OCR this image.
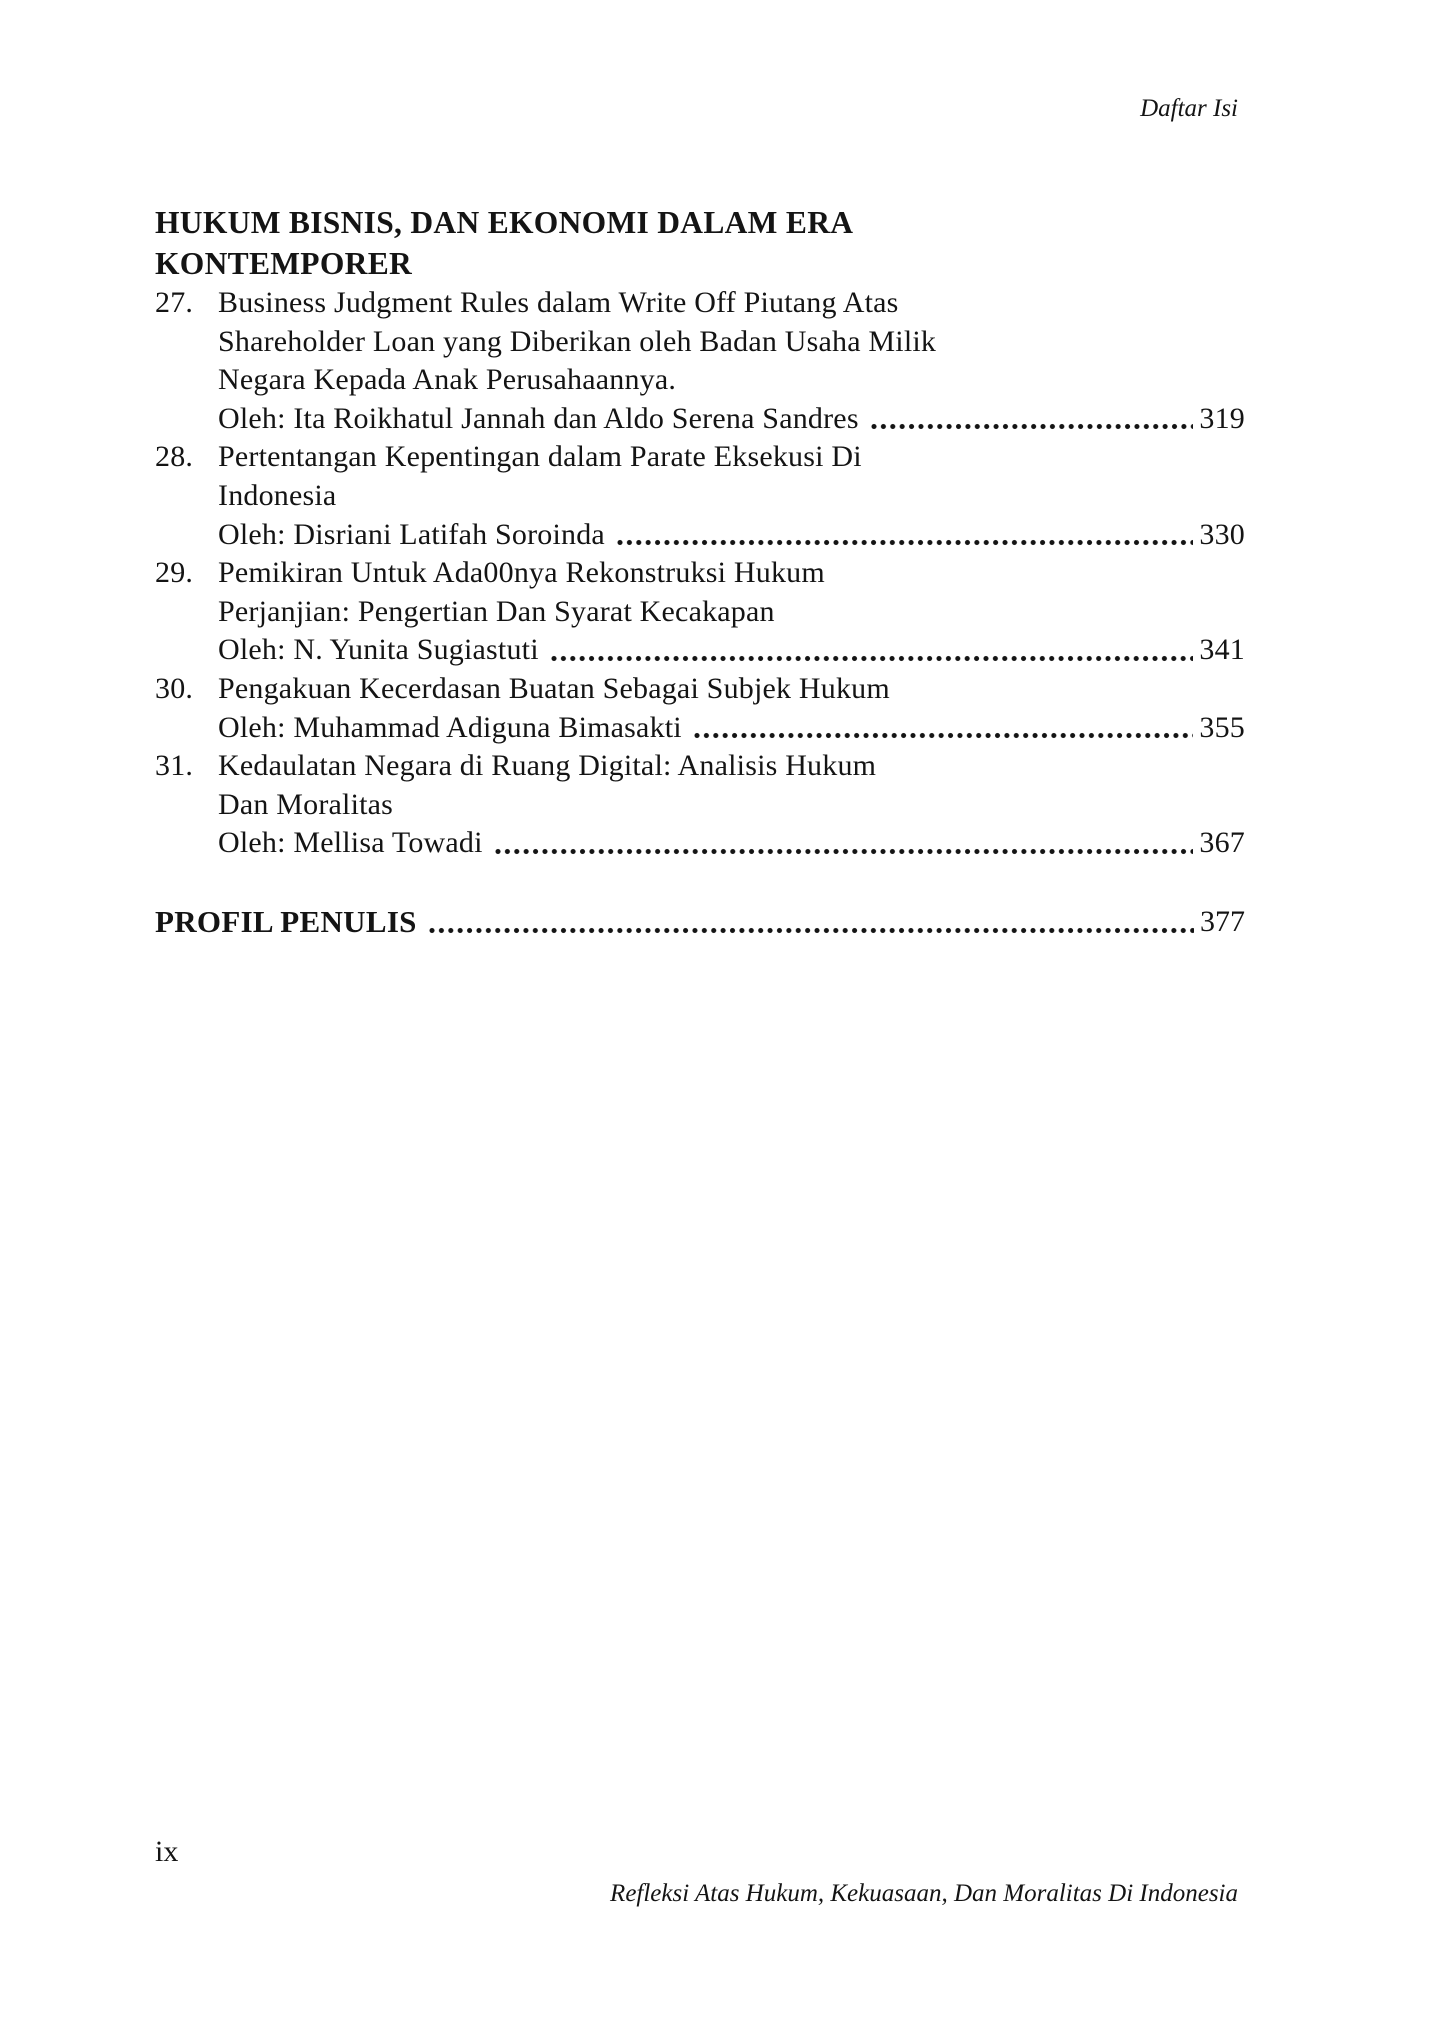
Daftar Isi
HUKUM BISNIS, DAN EKONOMI DALAM ERA
KONTEMPORER
27. Business Judgment Rules dalam Write Off Piutang Atas
Shareholder Loan yang Diberikan oleh Badan Usaha Milik
Negara Kepada Anak Perusahaannya.
Oleh: Ita Roikhatul Jannah dan Aldo Serena Sandres	319
28. Pertentangan Kepentingan dalam Parate Eksekusi Di
Indonesia
Oleh: Disriani Latifah Soroinda	330
29. Pemikiran Untuk Ada00nya Rekonstruksi Hukum
Perjanjian: Pengertian Dan Syarat Kecakapan
Oleh: N. Yunita Sugiastuti	341
30. Pengakuan Kecerdasan Buatan Sebagai Subjek Hukum
Oleh: Muhammad Adiguna Bimasakti	355
31. Kedaulatan Negara di Ruang Digital: Analisis Hukum
Dan Moralitas
Oleh: Mellisa Towadi	367
PROFIL PENULIS	377
ix
Refleksi Atas Hukum, Kekuasaan, Dan Moralitas Di Indonesia
